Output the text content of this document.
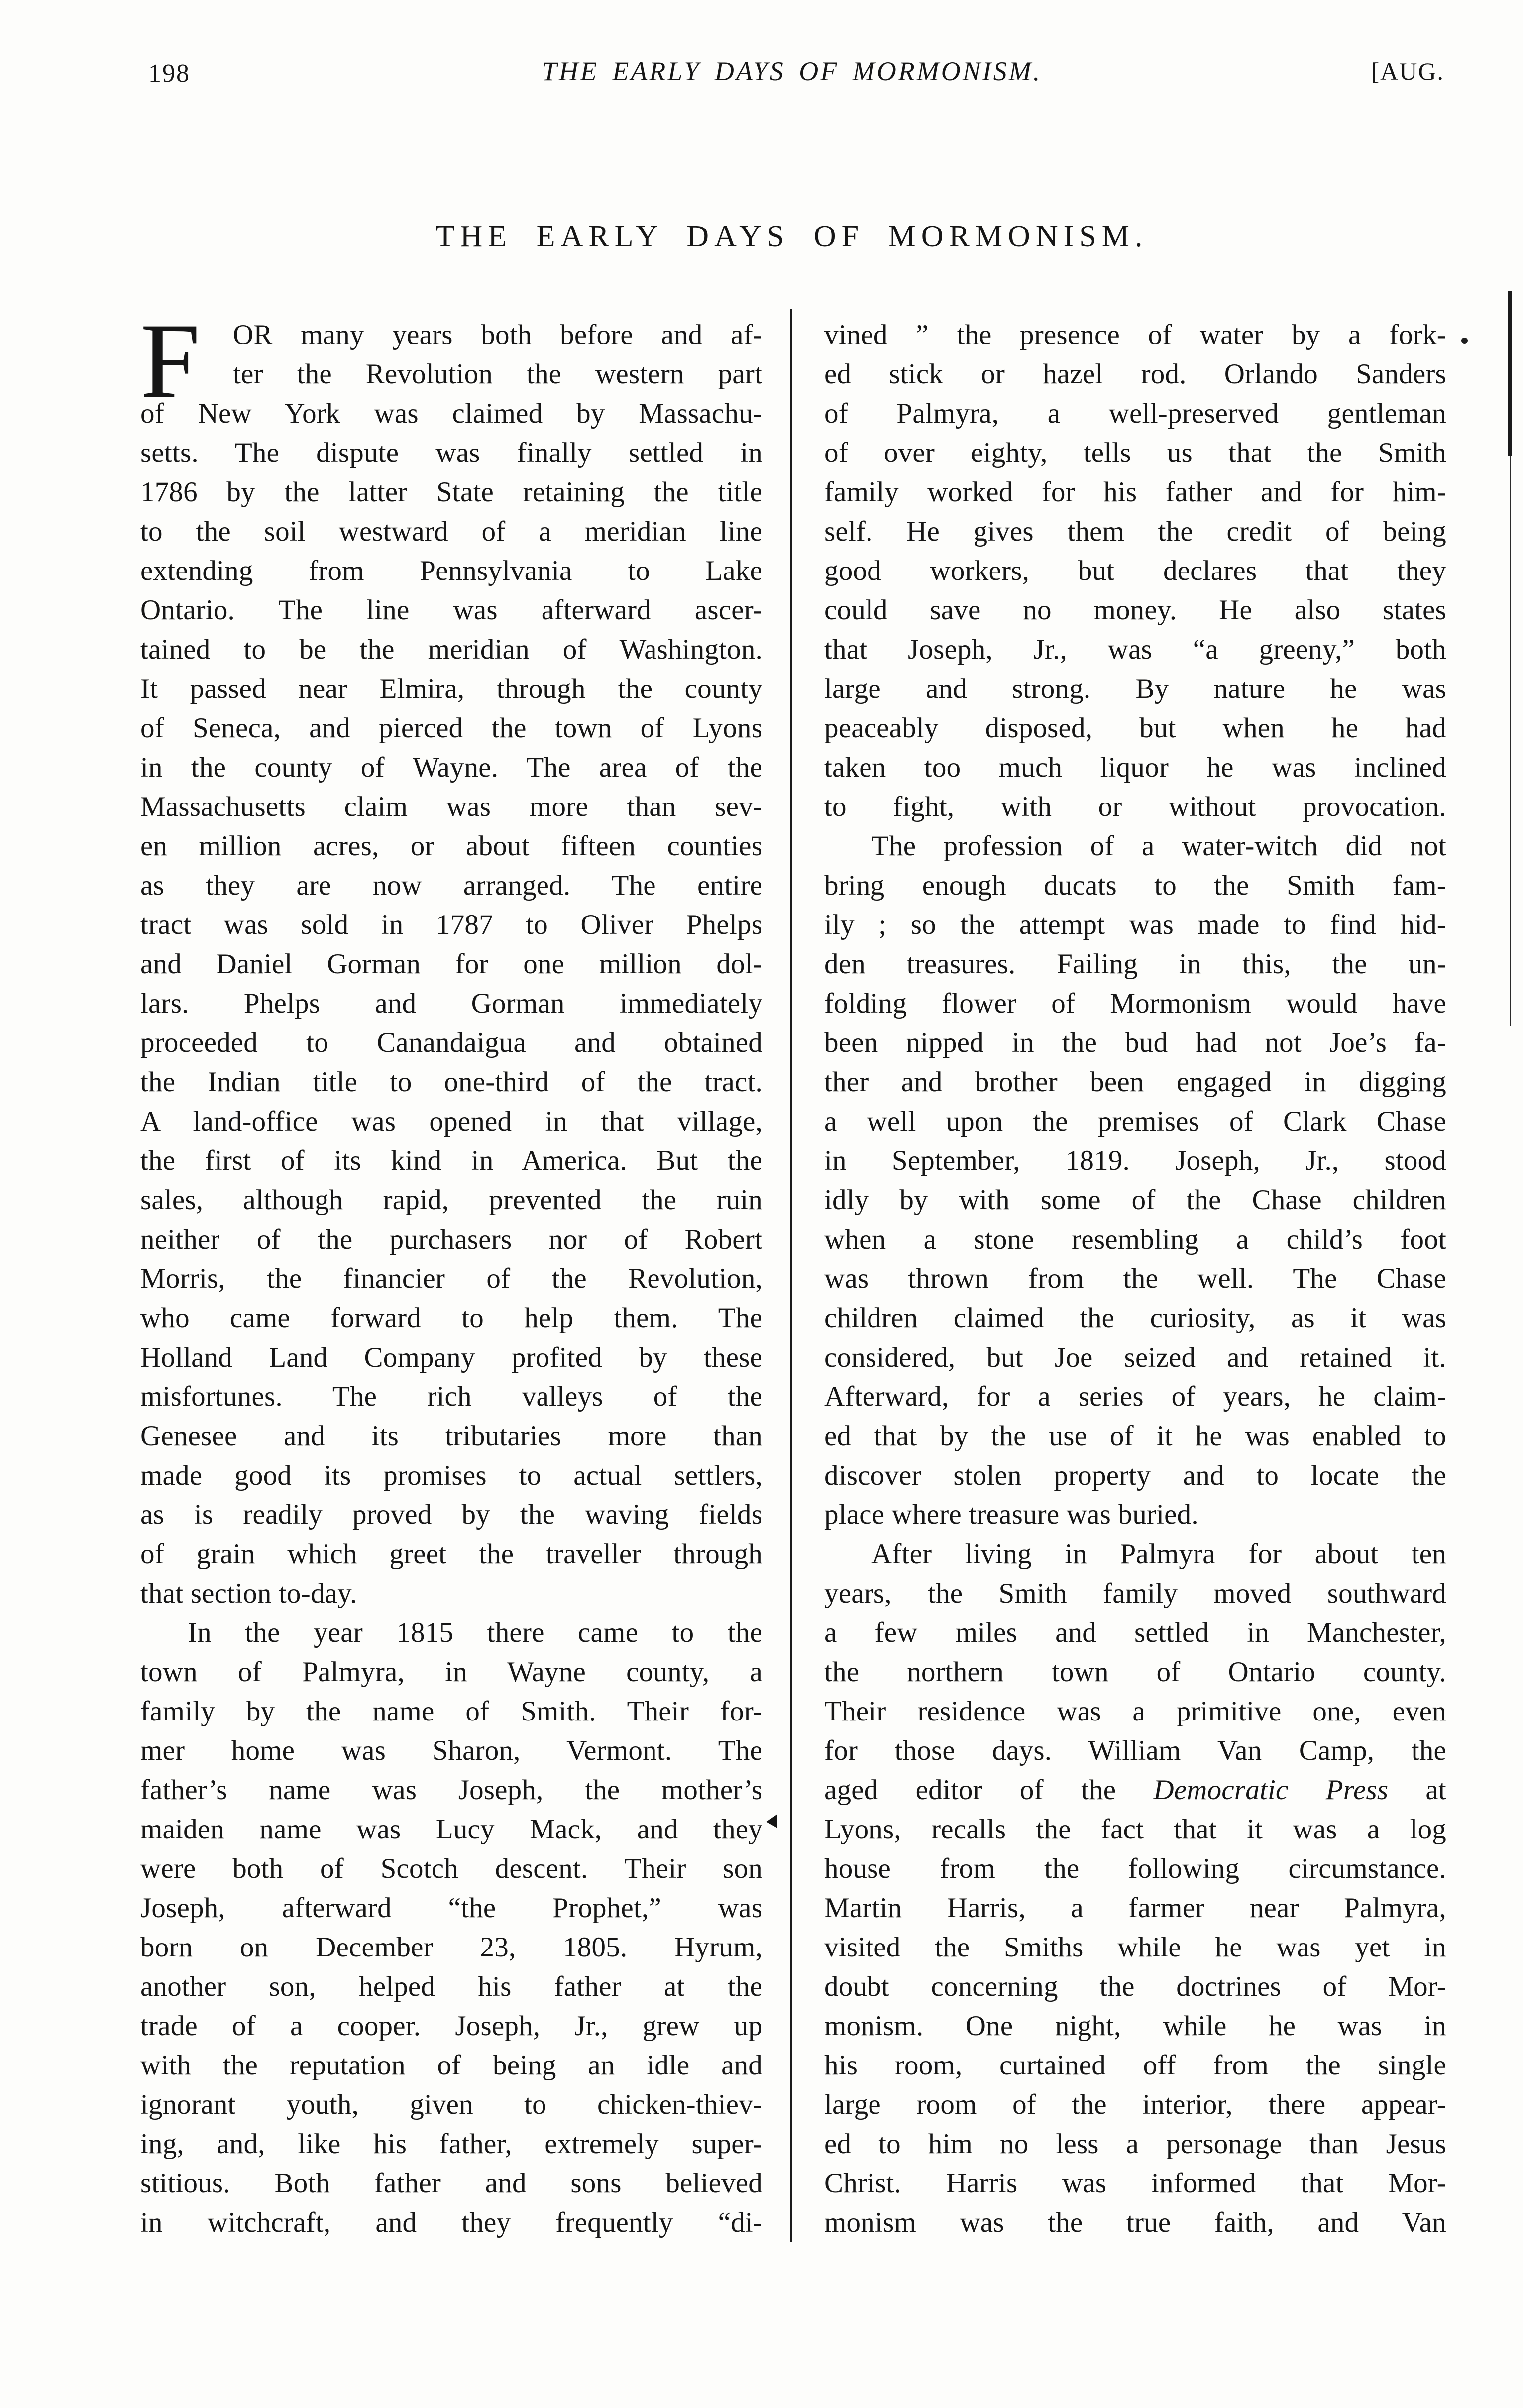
198	THE EARLY DAYS OF MORMONISM.	[AUG.
THE EARLY DAYS OF MORMONISM.
F OR many years both before and af-
ter the Revolution the western part
of New York was claimed by Massachu-
setts. The dispute was finally settled in
1786 by the latter State retaining the title
to the soil westward of a meridian line
extending from Pennsylvania to Lake
Ontario. The line was afterward ascer-
tained to be the meridian of Washington.
It passed near Elmira, through the county
of Seneca, and pierced the town of Lyons
in the county of Wayne. The area of the
Massachusetts claim was more than sev-
en million acres, or about fifteen counties
as they are now arranged. The entire
tract was sold in 1787 to Oliver Phelps
and Daniel Gorman for one million dol-
lars. Phelps and Gorman immediately
proceeded to Canandaigua and obtained
the Indian title to one-third of the tract.
A land-office was opened in that village,
the first of its kind in America. But the
sales, although rapid, prevented the ruin
neither of the purchasers nor of Robert
Morris, the financier of the Revolution,
who came forward to help them. The
Holland Land Company profited by these
misfortunes. The rich valleys of the
Genesee and its tributaries more than
made good its promises to actual settlers,
as is readily proved by the waving fields
of grain which greet the traveller through
that section to-day.
In the year 1815 there came to the
town of Palmyra, in Wayne county, a
family by the name of Smith. Their for-
mer home was Sharon, Vermont. The
father’s name was Joseph, the mother’s
maiden name was Lucy Mack, and they
were both of Scotch descent. Their son
Joseph, afterward “the Prophet,” was
born on December 23, 1805. Hyrum,
another son, helped his father at the
trade of a cooper. Joseph, Jr., grew up
with the reputation of being an idle and
ignorant youth, given to chicken-thiev-
ing, and, like his father, extremely super-
stitious. Both father and sons believed
in witchcraft, and they frequently “di-
vined ” the presence of water by a fork-
ed stick or hazel rod. Orlando Sanders
of Palmyra, a well-preserved gentleman
of over eighty, tells us that the Smith
family worked for his father and for him-
self. He gives them the credit of being
good workers, but declares that they
could save no money. He also states
that Joseph, Jr., was “a greeny,” both
large and strong. By nature he was
peaceably disposed, but when he had
taken too much liquor he was inclined
to fight, with or without provocation.
The profession of a water-witch did not
bring enough ducats to the Smith fam-
ily ; so the attempt was made to find hid-
den treasures. Failing in this, the un-
folding flower of Mormonism would have
been nipped in the bud had not Joe’s fa-
ther and brother been engaged in digging
a well upon the premises of Clark Chase
in September, 1819. Joseph, Jr., stood
idly by with some of the Chase children
when a stone resembling a child’s foot
was thrown from the well. The Chase
children claimed the curiosity, as it was
considered, but Joe seized and retained it.
Afterward, for a series of years, he claim-
ed that by the use of it he was enabled to
discover stolen property and to locate the
place where treasure was buried.
After living in Palmyra for about ten
years, the Smith family moved southward
a few miles and settled in Manchester,
the northern town of Ontario county.
Their residence was a primitive one, even
for those days. William Van Camp, the
aged editor of the Democratic Press at
Lyons, recalls the fact that it was a log
house from the following circumstance.
Martin Harris, a farmer near Palmyra,
visited the Smiths while he was yet in
doubt concerning the doctrines of Mor-
monism. One night, while he was in
his room, curtained off from the single
large room of the interior, there appear-
ed to him no less a personage than Jesus
Christ. Harris was informed that Mor-
monism was the true faith, and Van
